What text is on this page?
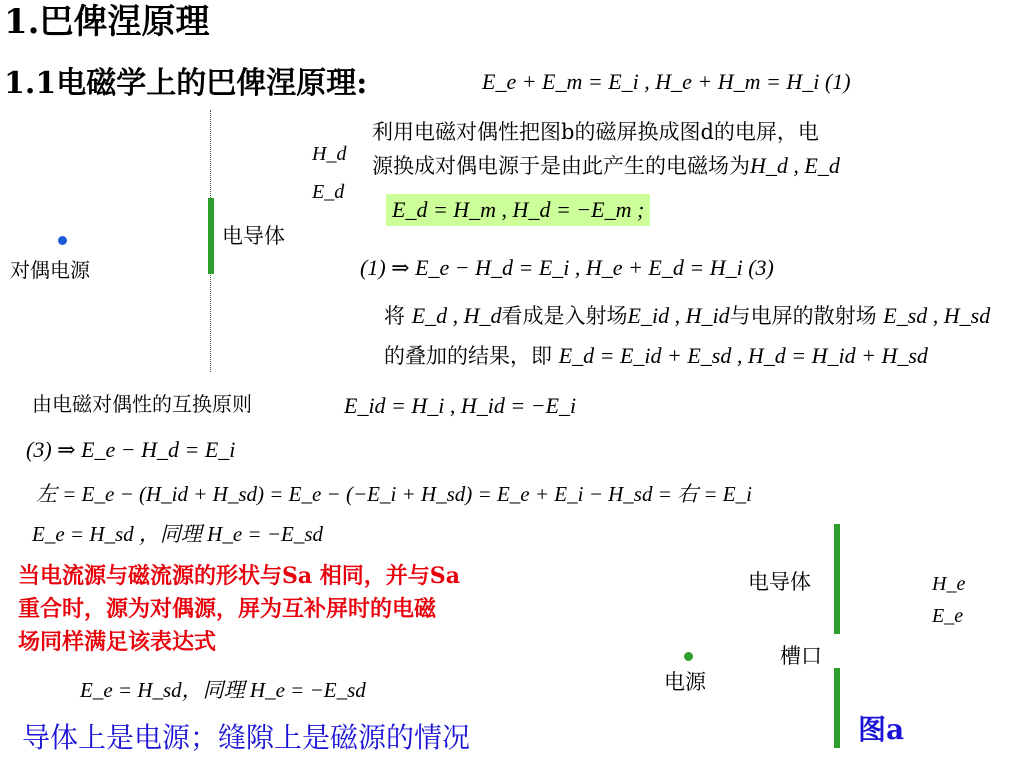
1.巴俾涅原理
1.1电磁学上的巴俾涅原理:	E_e + E_m = E_i , H_e + H_m = H_i (1)
H_d
E_d
电导体
对偶电源
利用电磁对偶性把图b的磁屏换成图d的电屏，电
源换成对偶电源于是由此产生的电磁场为H_d , E_d
E_d = H_m , H_d = −E_m ;
(1) ⇒ E_e − H_d = E_i , H_e + E_d = H_i (3)
将 E_d , H_d看成是入射场E_id , H_id与电屏的散射场 E_sd , H_sd
的叠加的结果，即 E_d = E_id + E_sd , H_d = H_id + H_sd
由电磁对偶性的互换原则	E_id = H_i , H_id = −E_i
(3) ⇒ E_e − H_d = E_i
左 = E_e − (H_id + H_sd) = E_e − (−E_i + H_sd) = E_e + E_i − H_sd = 右 = E_i
E_e = H_sd ，同理 H_e = −E_sd
当电流源与磁流源的形状与Sa 相同，并与Sa
重合时，源为对偶源，屏为互补屏时的电磁
场同样满足该表达式
E_e = H_sd，同理 H_e = −E_sd
导体上是电源；缝隙上是磁源的情况
电导体
槽口
电源
H_e
E_e
图a
